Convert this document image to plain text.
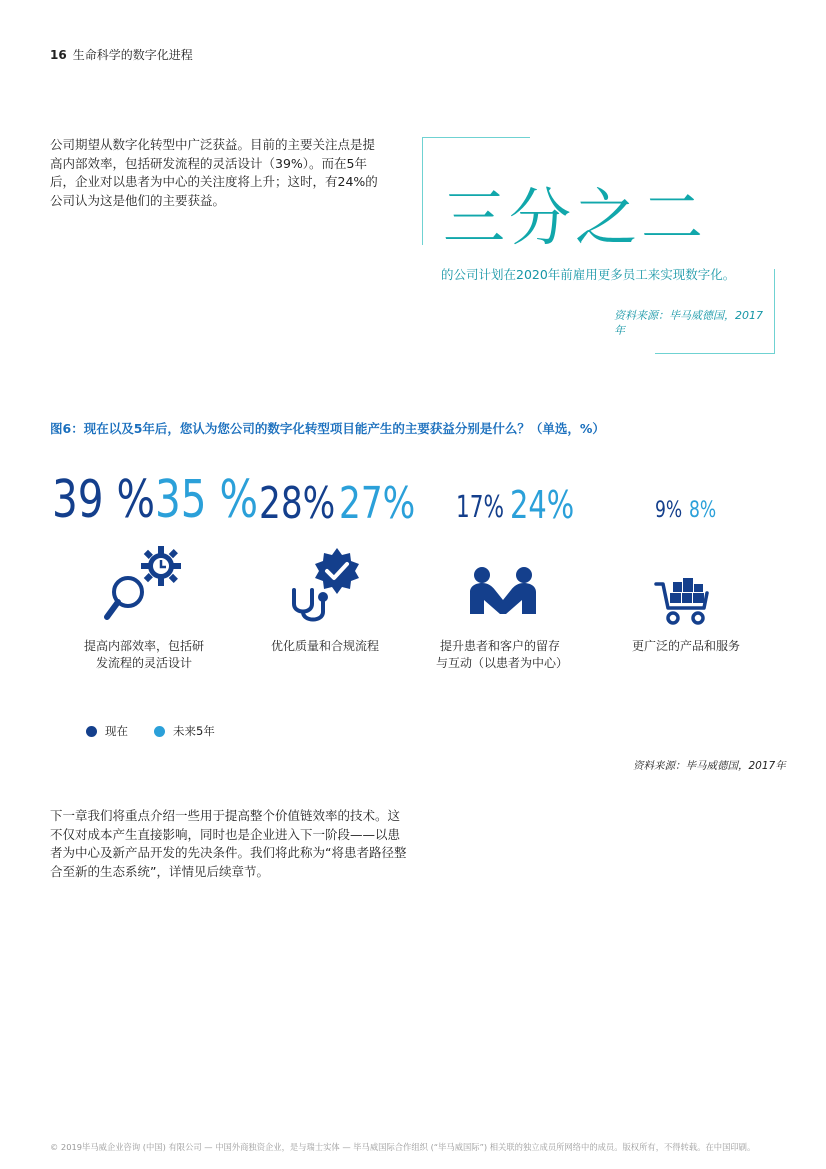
16 生命科学的数字化进程
公司期望从数字化转型中广泛获益。目前的主要关注点是提高内部效率，包括研发流程的灵活设计（39%）。而在5年后，企业对以患者为中心的关注度将上升；这时，有24%的公司认为这是他们的主要获益。	三分之二
的公司计划在2020年前雇用更多员工来实现数字化。
资料来源：毕马威德国，2017年
图6：现在以及5年后，您认为您公司的数字化转型项目能产生的主要获益分别是什么？（单选，%）
39 % 35 % 28% 27% 17% 24%	9% 8%
提高内部效率，包括研发流程的灵活设计
优化质量和合规流程	提升患者和客户的留存与互动（以患者为中心）
更广泛的产品和服务
现在	未来5年
资料来源：毕马威德国，2017年
下一章我们将重点介绍一些用于提高整个价值链效率的技术。这不仅对成本产生直接影响，同时也是企业进入下一阶段——以患者为中心及新产品开发的先决条件。我们将此称为“将患者路径整合至新的生态系统”，详情见后续章节。
© 2019毕马威企业咨询 (中国) 有限公司 — 中国外商独资企业，是与瑞士实体 — 毕马威国际合作组织 (“毕马威国际”) 相关联的独立成员所网络中的成员。版权所有，不得转载。在中国印刷。
